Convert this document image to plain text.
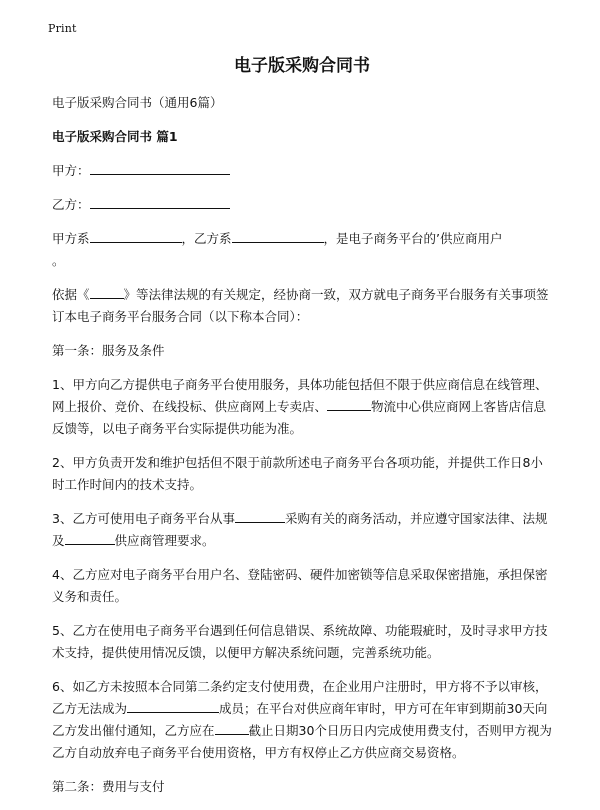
Print
电子版采购合同书
电子版采购合同书（通用6篇）
电子版采购合同书 篇1
甲方：
乙方：
甲方系	，乙方系	，是电子商务平台的’供应商用户
。
依据《	》等法律法规的有关规定，经协商一致，双方就电子商务平台服务有关事项签订本电子商务平台服务合同（以下称本合同）：
第一条：服务及条件
1、甲方向乙方提供电子商务平台使用服务，具体功能包括但不限于供应商信息在线管理、网上报价、竞价、在线投标、供应商网上专卖店、	物流中心供应商网上客皆店信息反馈等，以电子商务平台实际提供功能为准。
2、甲方负责开发和维护包括但不限于前款所述电子商务平台各项功能，并提供工作日8小时工作时间内的技术支持。
3、乙方可使用电子商务平台从事	采购有关的商务活动，并应遵守国家法律、法规及	供应商管理要求。
4、乙方应对电子商务平台用户名、登陆密码、硬件加密锁等信息采取保密措施，承担保密义务和责任。
5、乙方在使用电子商务平台遇到任何信息错误、系统故障、功能瑕疵时，及时寻求甲方技术支持，提供使用情况反馈，以便甲方解决系统问题，完善系统功能。
6、如乙方未按照本合同第二条约定支付使用费，在企业用户注册时，甲方将不予以审核，乙方无法成为	成员；在平台对供应商年审时，甲方可在年审到期前30天向乙方发出催付通知，乙方应在	截止日期30个日历日内完成使用费支付，否则甲方视为乙方自动放弃电子商务平台使用资格，甲方有权停止乙方供应商交易资格。
第二条：费用与支付
